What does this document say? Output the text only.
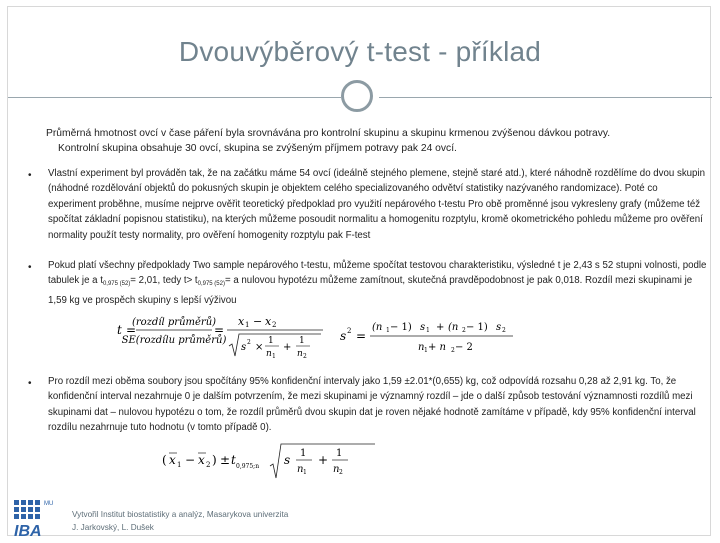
Dvouvýběrový t-test - příklad
Průměrná hmotnost ovcí v čase páření byla srovnávána pro kontrolní skupinu a skupinu krmenou zvýšenou dávkou potravy.
Kontrolní skupina obsahuje 30 ovcí, skupina se zvýšeným příjmem potravy pak 24 ovcí.
• Vlastní experiment byl prováděn tak, že na začátku máme 54 ovcí (ideálně stejného plemene, stejně staré atd.), které náhodně rozdělíme do dvou skupin (náhodné rozdělování objektů do pokusných skupin je objektem celého specializovaného odvětví statistiky nazývaného randomizace). Poté co experiment proběhne, musíme nejprve ověřit teoretický předpoklad pro využití nepárového t-testu Pro obě proměnné jsou vykresleny grafy (můžeme též spočítat základní popisnou statistiku), na kterých můžeme posoudit normalitu a homogenitu rozptylu, kromě okometrického pohledu můžeme pro ověření normality použít testy normality, pro ověření homogenity rozptylu pak F-test
• Pokud platí všechny předpoklady Two sample nepárového t-testu, můžeme spočítat testovou charakteristiku, výsledné t je 2,43 s 52 stupni volnosti, podle tabulek je a $t_{0,975 (52)}= 2,01$, tedy $t> t_{0,975 (52)}= a$ nulovou hypotézu můžeme zamítnout, skutečná pravděpodobnost je pak 0,018. Rozdíl mezi skupinami je 1,59 kg ve prospěch skupiny s lepší výživou
t =
(rozdíl průměrů)
SE(rozdílu průměrů)
=
x 1 − x 2
s 2 ×
1
n 1
+
1
n 2
s 2 =
(n 1 − 1) s 1 + (n 2 − 1) s 2
n 1 + n 2 − 2
• Pro rozdíl mezi oběma soubory jsou spočítány 95% konfidenční intervaly jako 1,59 ±2.01*(0,655) kg, což odpovídá rozsahu 0,28 až 2,91 kg. To, že konfidenční interval nezahrnuje 0 je dalším potvrzením, že mezi skupinami je významný rozdíl – jde o další způsob testování významnosti rozdílů mezi skupinami dat – nulovou hypotézu o tom, že rozdíl průměrů dvou skupin dat je roven nějaké hodnotě zamítáme v případě, kdy 95% konfidenční interval rozdílu nezahrnuje tuto hodnotu (v tomto případě 0).
( x 1 − x 2 ) ± t 0,975;n s 1
n 1
+ 1
n 2
MU
IBA
Vytvořil Institut biostatistiky a analýz, Masarykova univerzita
J. Jarkovský, L. Dušek
